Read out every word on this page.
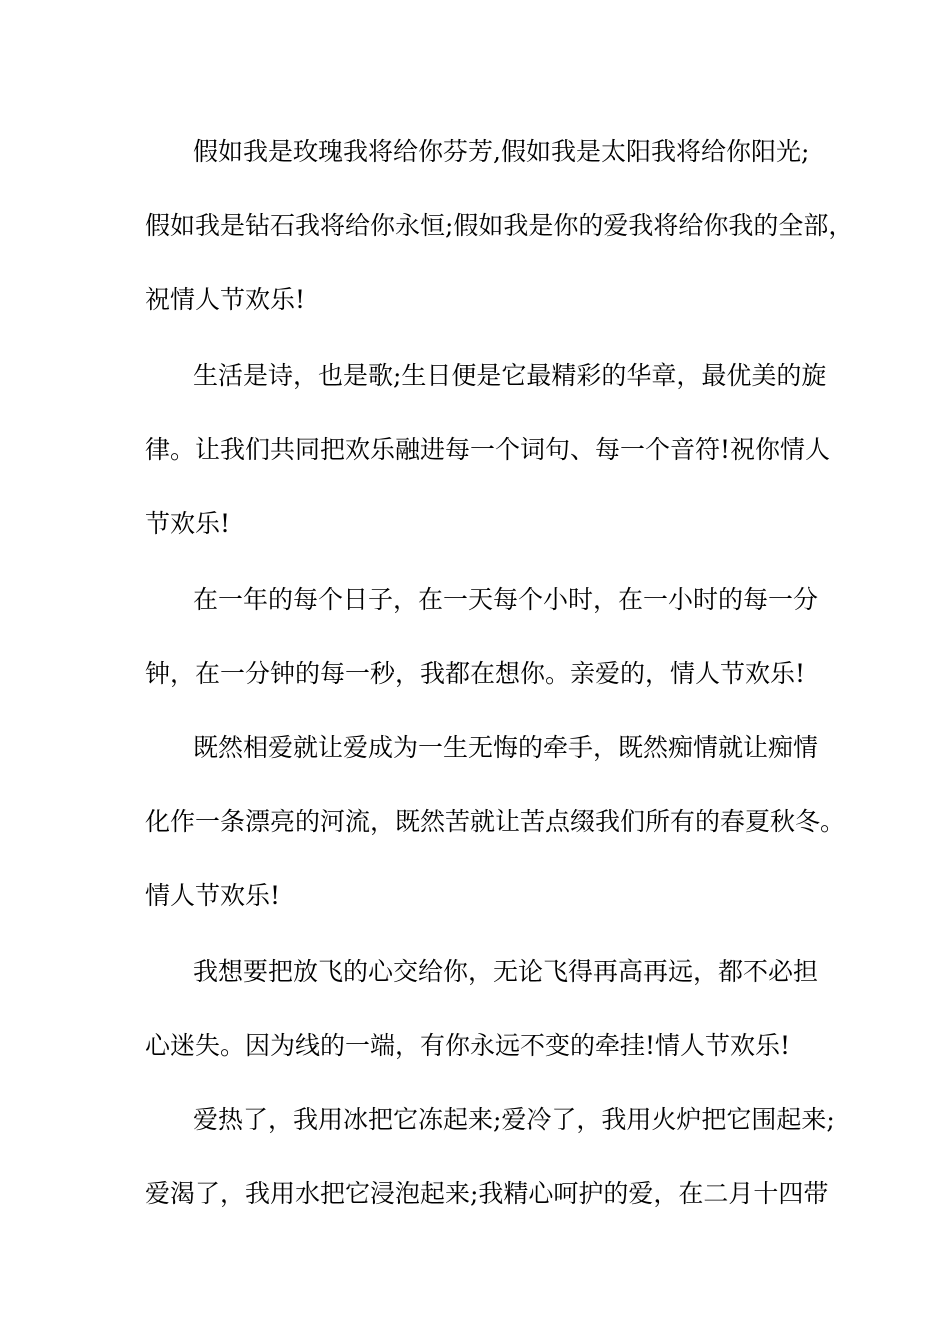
假如我是玫瑰我将给你芬芳,假如我是太阳我将给你阳光;
假如我是钻石我将给你永恒;假如我是你的爱我将给你我的全部，
祝情人节欢乐!
生活是诗，也是歌;生日便是它最精彩的华章，最优美的旋
律。让我们共同把欢乐融进每一个词句、每一个音符!祝你情人
节欢乐!
在一年的每个日子，在一天每个小时，在一小时的每一分
钟，在一分钟的每一秒，我都在想你。亲爱的，情人节欢乐!
既然相爱就让爱成为一生无悔的牵手，既然痴情就让痴情
化作一条漂亮的河流，既然苦就让苦点缀我们所有的春夏秋冬。
情人节欢乐!
我想要把放飞的心交给你，无论飞得再高再远，都不必担
心迷失。因为线的一端，有你永远不变的牵挂!情人节欢乐!
爱热了，我用冰把它冻起来;爱冷了，我用火炉把它围起来;
爱渴了，我用水把它浸泡起来;我精心呵护的爱，在二月十四带
